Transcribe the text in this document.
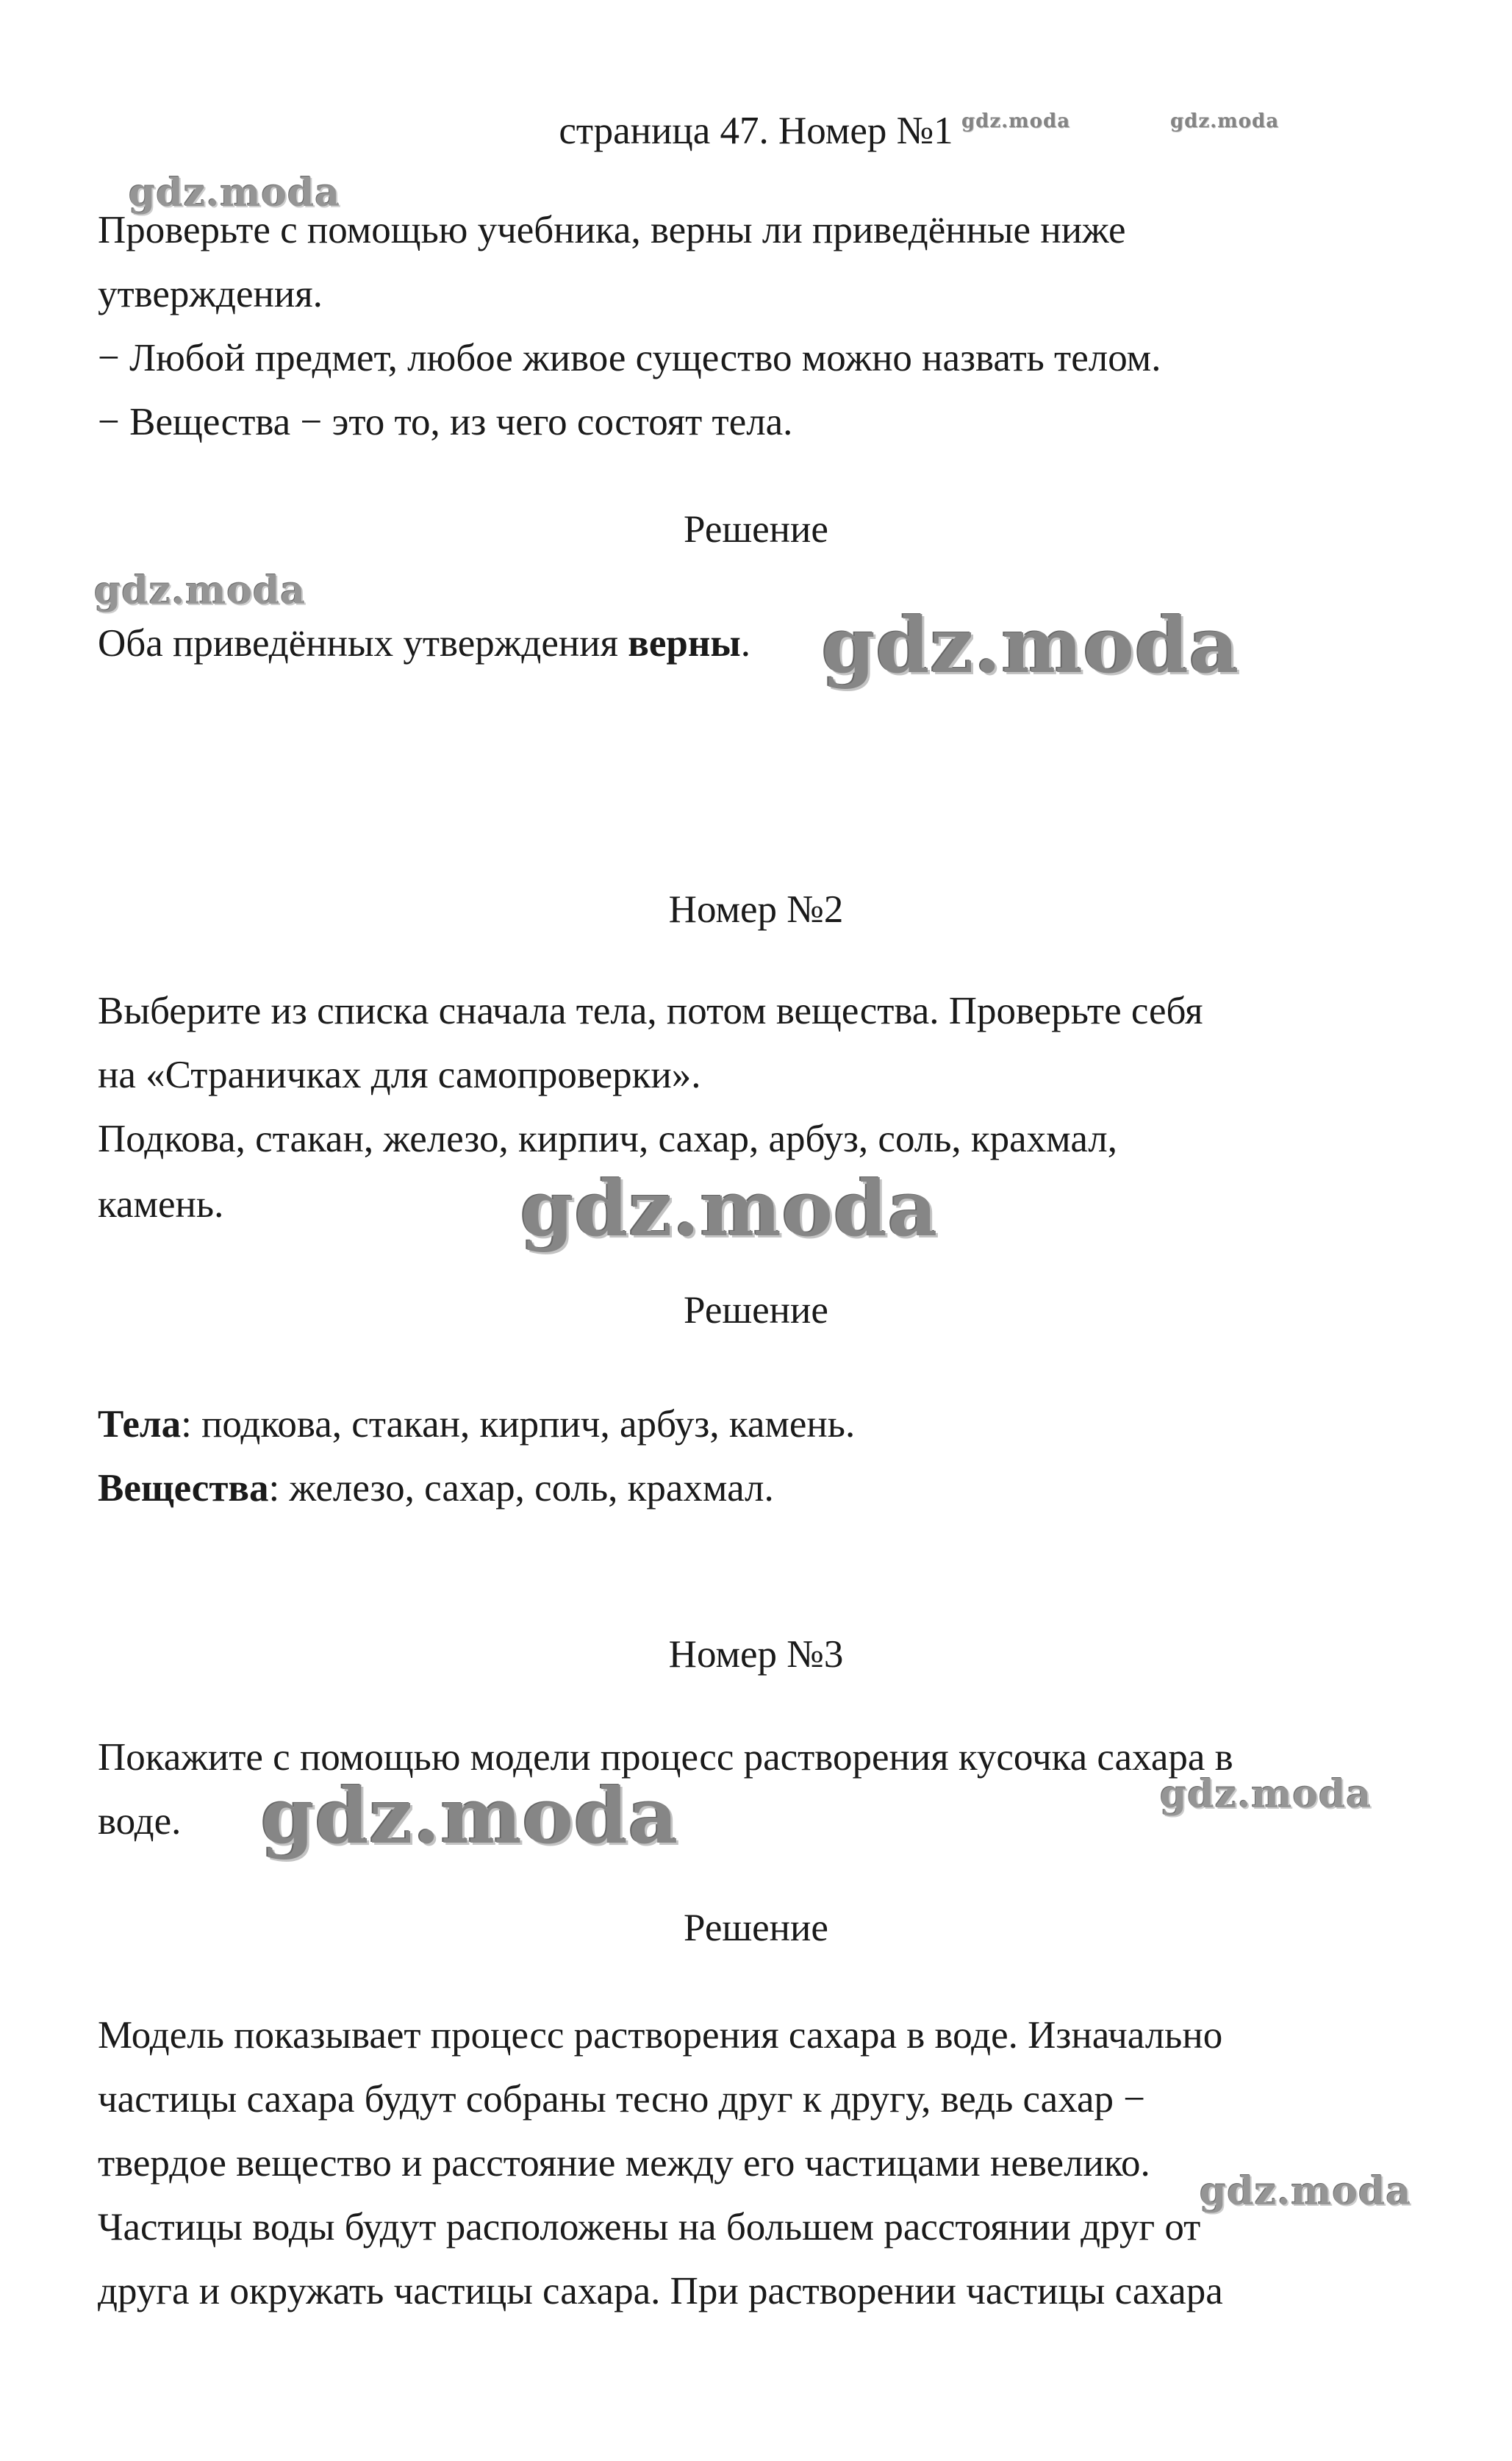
страница 47. Номер №1
Проверьте с помощью учебника, верны ли приведённые ниже
утверждения.
− Любой предмет, любое живое существо можно назвать телом.
− Вещества − это то, из чего состоят тела.
Решение
Оба приведённых утверждения верны.
Номер №2
Выберите из списка сначала тела, потом вещества. Проверьте себя
на «Страничках для самопроверки».
Подкова, стакан, железо, кирпич, сахар, арбуз, соль, крахмал,
камень.
Решение
Тела: подкова, стакан, кирпич, арбуз, камень.
Вещества: железо, сахар, соль, крахмал.
Номер №3
Покажите с помощью модели процесс растворения кусочка сахара в
воде.
Решение
Модель показывает процесс растворения сахара в воде. Изначально
частицы сахара будут собраны тесно друг к другу, ведь сахар −
твердое вещество и расстояние между его частицами невелико.
Частицы воды будут расположены на большем расстоянии друг от
друга и окружать частицы сахара. При растворении частицы сахара
gdz.moda	gdz.moda
gdz.moda
gdz.moda
gdz.moda
gdz.moda
gdz.moda	gdz.moda
gdz.moda
